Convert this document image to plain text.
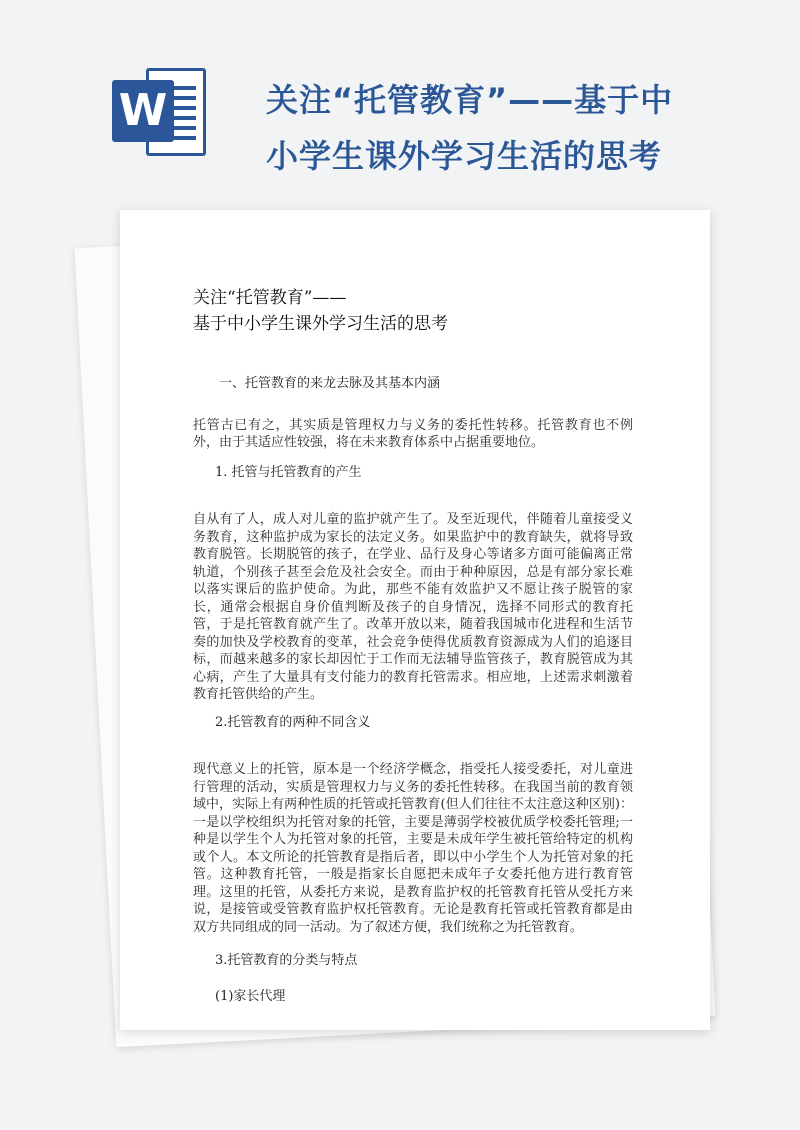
W	关注“托管教育”——基于中
小学生课外学习生活的思考
关注“托管教育”——
基于中小学生课外学习生活的思考
一、托管教育的来龙去脉及其基本内涵
托管古已有之，其实质是管理权力与义务的委托性转移。托管教育也不例外，由于其适应性较强，将在未来教育体系中占据重要地位。
1. 托管与托管教育的产生
自从有了人，成人对儿童的监护就产生了。及至近现代，伴随着儿童接受义务教育，这种监护成为家长的法定义务。如果监护中的教育缺失，就将导致教育脱管。长期脱管的孩子，在学业、品行及身心等诸多方面可能偏离正常轨道，个别孩子甚至会危及社会安全。而由于种种原因，总是有部分家长难以落实课后的监护使命。为此，那些不能有效监护又不愿让孩子脱管的家长，通常会根据自身价值判断及孩子的自身情况，选择不同形式的教育托管，于是托管教育就产生了。改革开放以来，随着我国城市化进程和生活节奏的加快及学校教育的变革，社会竞争使得优质教育资源成为人们的追逐目标，而越来越多的家长却因忙于工作而无法辅导监管孩子，教育脱管成为其心病，产生了大量具有支付能力的教育托管需求。相应地，上述需求刺激着教育托管供给的产生。
2.托管教育的两种不同含义
现代意义上的托管，原本是一个经济学概念，指受托人接受委托，对儿童进行管理的活动，实质是管理权力与义务的委托性转移。在我国当前的教育领域中，实际上有两种性质的托管或托管教育(但人们往往不太注意这种区别)：一是以学校组织为托管对象的托管，主要是薄弱学校被优质学校委托管理;一种是以学生个人为托管对象的托管，主要是未成年学生被托管给特定的机构或个人。本文所论的托管教育是指后者，即以中小学生个人为托管对象的托管。这种教育托管，一般是指家长自愿把未成年子女委托他方进行教育管理。这里的托管，从委托方来说，是教育监护权的托管教育托管从受托方来说，是接管或受管教育监护权托管教育。无论是教育托管或托管教育都是由双方共同组成的同一活动。为了叙述方便，我们统称之为托管教育。
3.托管教育的分类与特点
(1)家长代理
